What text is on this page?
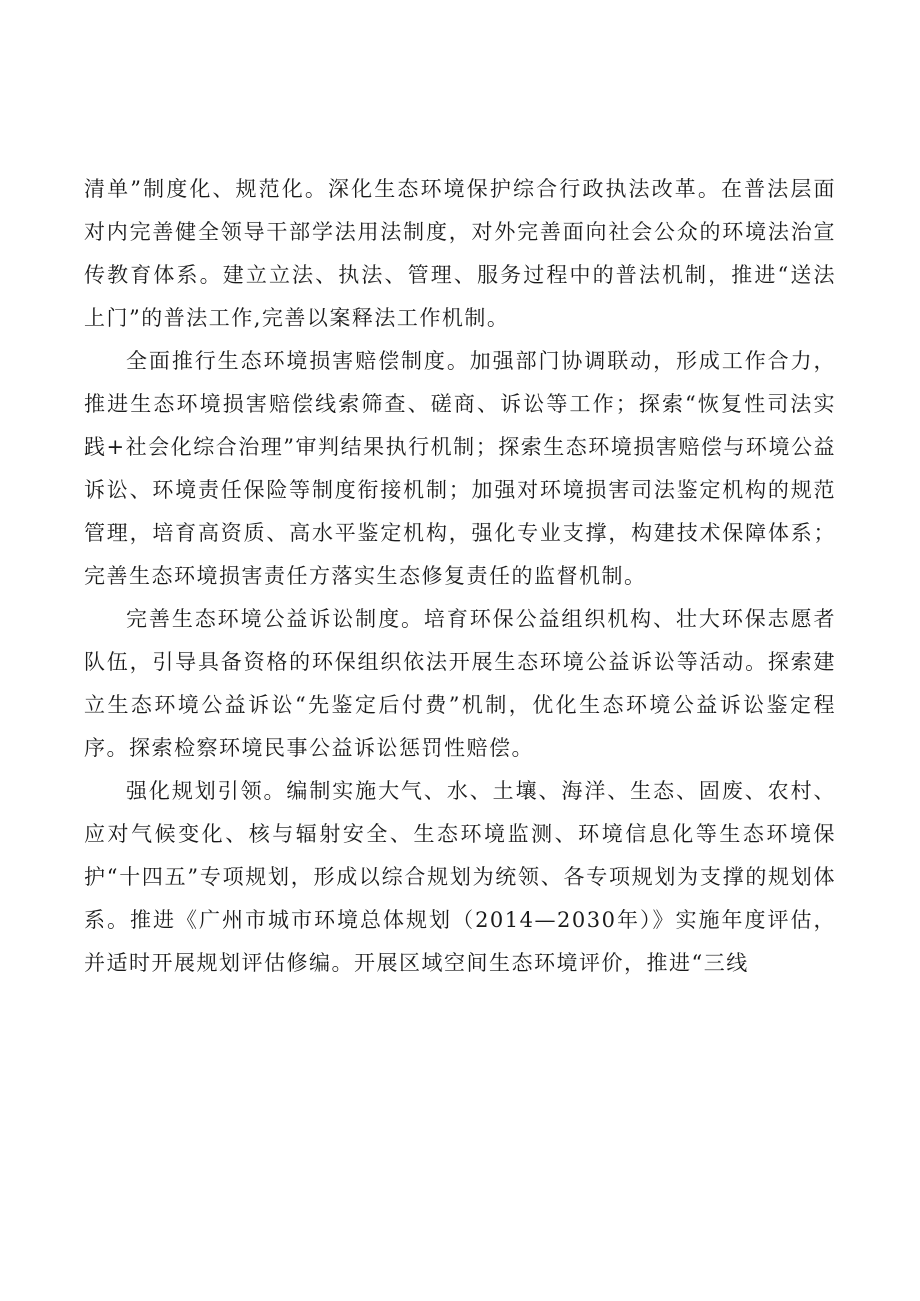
清单”制度化、规范化。深化生态环境保护综合行政执法改革。在普法层面对内完善健全领导干部学法用法制度，对外完善面向社会公众的环境法治宣传教育体系。建立立法、执法、管理、服务过程中的普法机制，推进“送法上门”的普法工作,完善以案释法工作机制。

全面推行生态环境损害赔偿制度。加强部门协调联动，形成工作合力，推进生态环境损害赔偿线索筛查、磋商、诉讼等工作；探索“恢复性司法实践+社会化综合治理”审判结果执行机制；探索生态环境损害赔偿与环境公益诉讼、环境责任保险等制度衔接机制；加强对环境损害司法鉴定机构的规范管理，培育高资质、高水平鉴定机构，强化专业支撑，构建技术保障体系；完善生态环境损害责任方落实生态修复责任的监督机制。

完善生态环境公益诉讼制度。培育环保公益组织机构、壮大环保志愿者队伍，引导具备资格的环保组织依法开展生态环境公益诉讼等活动。探索建立生态环境公益诉讼“先鉴定后付费”机制，优化生态环境公益诉讼鉴定程序。探索检察环境民事公益诉讼惩罚性赔偿。

强化规划引领。编制实施大气、水、土壤、海洋、生态、固废、农村、应对气候变化、核与辐射安全、生态环境监测、环境信息化等生态环境保护“十四五”专项规划，形成以综合规划为统领、各专项规划为支撑的规划体系。推进《广州市城市环境总体规划（2014—2030年）》实施年度评估，并适时开展规划评估修编。开展区域空间生态环境评价，推进“三线
